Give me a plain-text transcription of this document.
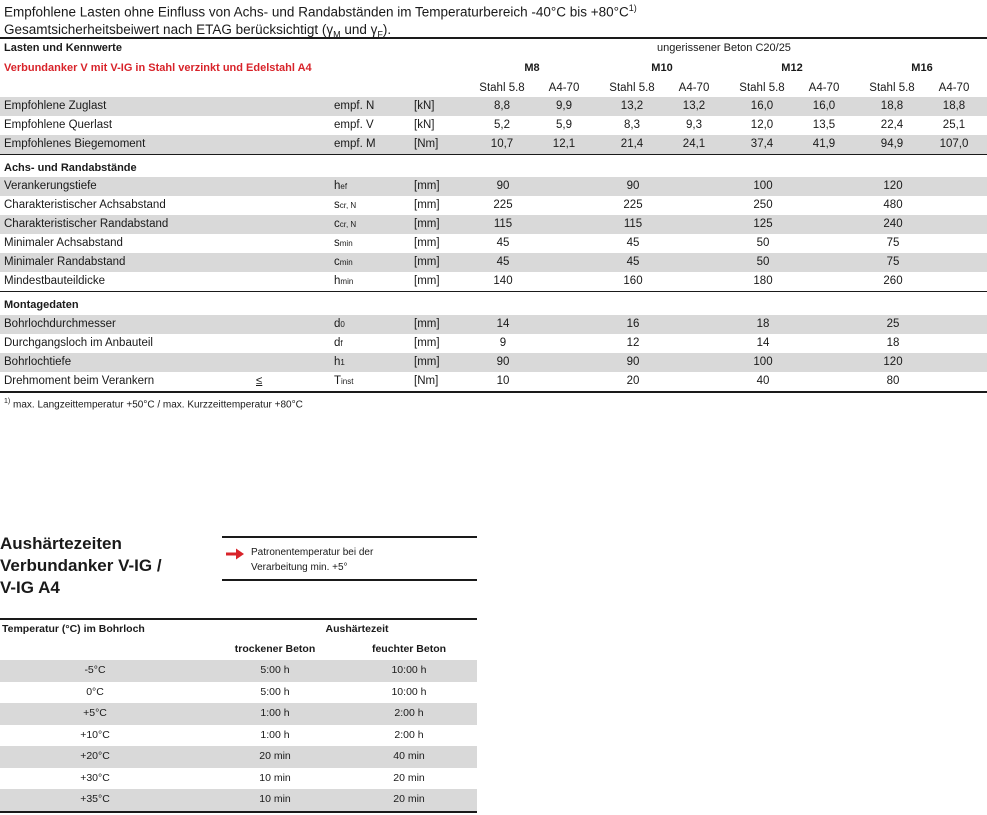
Empfohlene Lasten ohne Einfluss von Achs- und Randabständen im Temperaturbereich -40°C bis $+80^\circ C^{1)}$
Gesamtsicherheitsbeiwert nach ETAG berücksichtigt ($\gamma_M$ und $\gamma_F$).
Lasten und Kennwerte	ungerissener Beton C20/25
Verbundanker V mit V-IG in Stahl verzinkt und Edelstahl A4	M8	M10	M12	M16
Stahl 5.8	A4-70	Stahl 5.8	A4-70	Stahl 5.8	A4-70	Stahl 5.8	A4-70
Empfohlene Zuglast	empf. N	[kN]	8,8	9,9	13,2	13,2	16,0	16,0	18,8	18,8
Empfohlene Querlast	empf. V	[kN]	5,2	5,9	8,3	9,3	12,0	13,5	22,4	25,1
Empfohlenes Biegemoment	empf. M	[Nm]	10,7	12,1	21,4	24,1	37,4	41,9	94,9	107,0
Achs- und Randabstände
Verankerungstiefe	hef	[mm]	90	90	100	120
Charakteristischer Achsabstand	scr, N	[mm]	225	225	250	480
Charakteristischer Randabstand	ccr, N	[mm]	115	115	125	240
Minimaler Achsabstand	smin	[mm]	45	45	50	75
Minimaler Randabstand	cmin	[mm]	45	45	50	75
Mindestbauteildicke	hmin	[mm]	140	160	180	260
Montagedaten
Bohrlochdurchmesser	d0	[mm]	14	16	18	25
Durchgangsloch im Anbauteil	df	[mm]	9	12	14	18
Bohrlochtiefe	h1	[mm]	90	90	100	120
Drehmoment beim Verankern	≤	Tinst	[Nm]	10	20	40	80
$^{1)}$ max. Langzeittemperatur +50°C / max. Kurzzeittemperatur +80°C
Aushärtezeiten
Verbundanker V-IG /
V-IG A4
Patronentemperatur bei der
Verarbeitung min. +5°
Temperatur (°C) im Bohrloch	Aushärtezeit
trockener Beton	feuchter Beton
-5°C	5:00 h	10:00 h
0°C	5:00 h	10:00 h
+5°C	1:00 h	2:00 h
+10°C	1:00 h	2:00 h
+20°C	20 min	40 min
+30°C	10 min	20 min
+35°C	10 min	20 min
